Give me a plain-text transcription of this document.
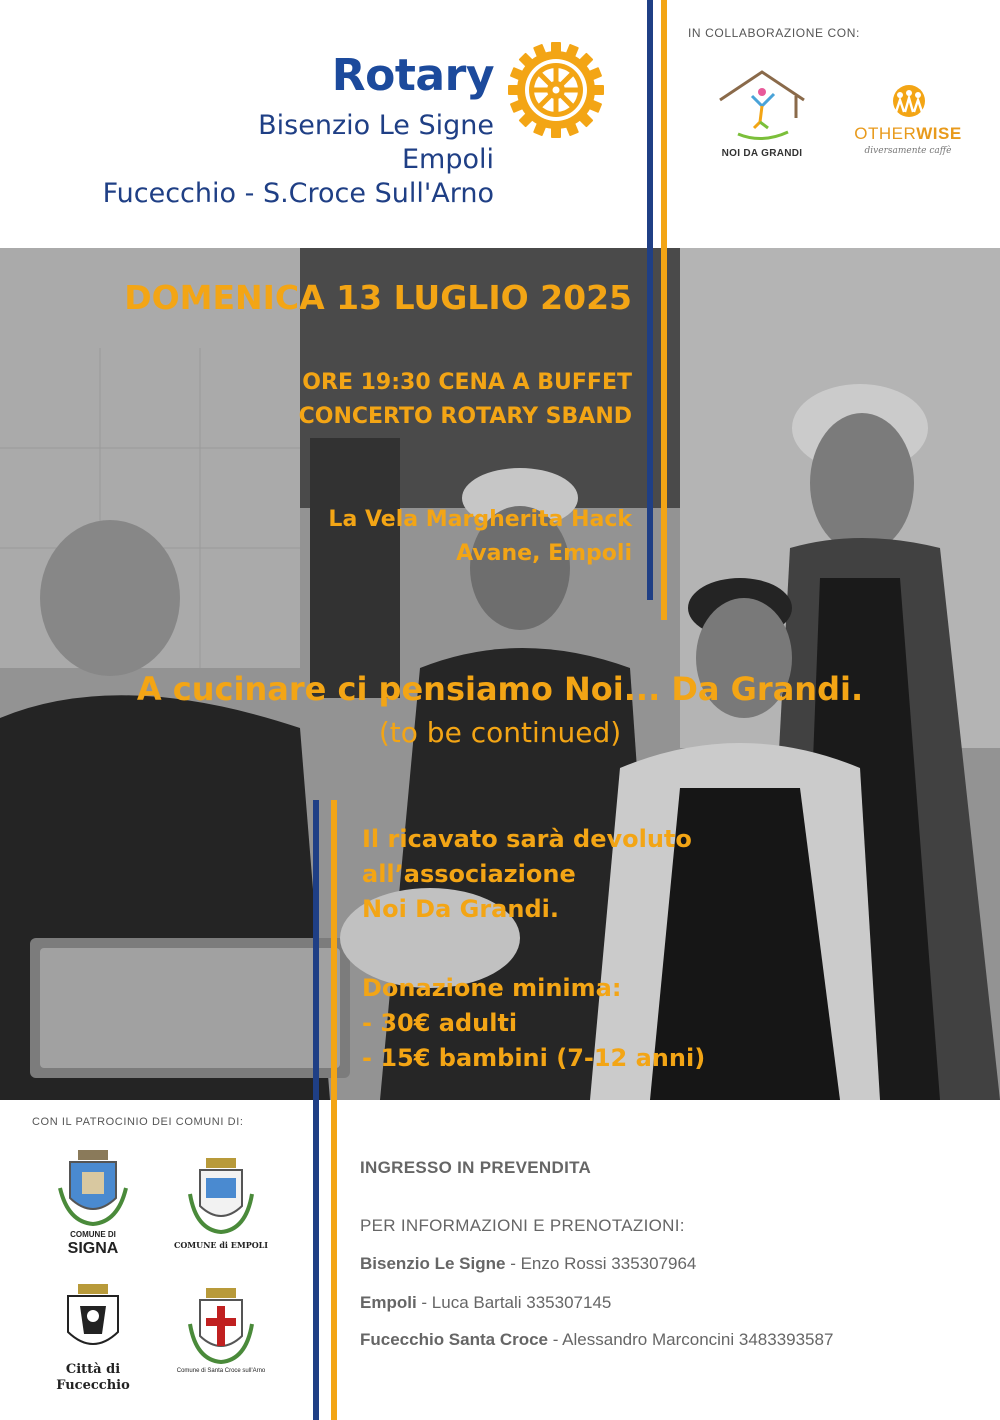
Rotary
Bisenzio Le Signe
Empoli
Fucecchio - S.Croce Sull'Arno
IN COLLABORAZIONE CON:
NOI DA GRANDI
OTHERWISE
diversamente caffè
DOMENICA 13 LUGLIO 2025
ORE 19:30 CENA A BUFFET
CONCERTO ROTARY SBAND
La Vela Margherita Hack
Avane, Empoli
A cucinare ci pensiamo Noi... Da Grandi.
(to be continued)
Il ricavato sarà devoluto
all’associazione
Noi Da Grandi.
Donazione minima:
- 30€ adulti
- 15€ bambini (7-12 anni)
CON IL PATROCINIO DEI COMUNI DI:
COMUNE DI
SIGNA	COMUNE di EMPOLI
Città di
Fucecchio
Comune di Santa Croce sull'Arno
INGRESSO IN PREVENDITA
PER INFORMAZIONI E PRENOTAZIONI:
Bisenzio Le Signe - Enzo Rossi 335307964
Empoli - Luca Bartali 335307145
Fucecchio Santa Croce - Alessandro Marconcini 3483393587
